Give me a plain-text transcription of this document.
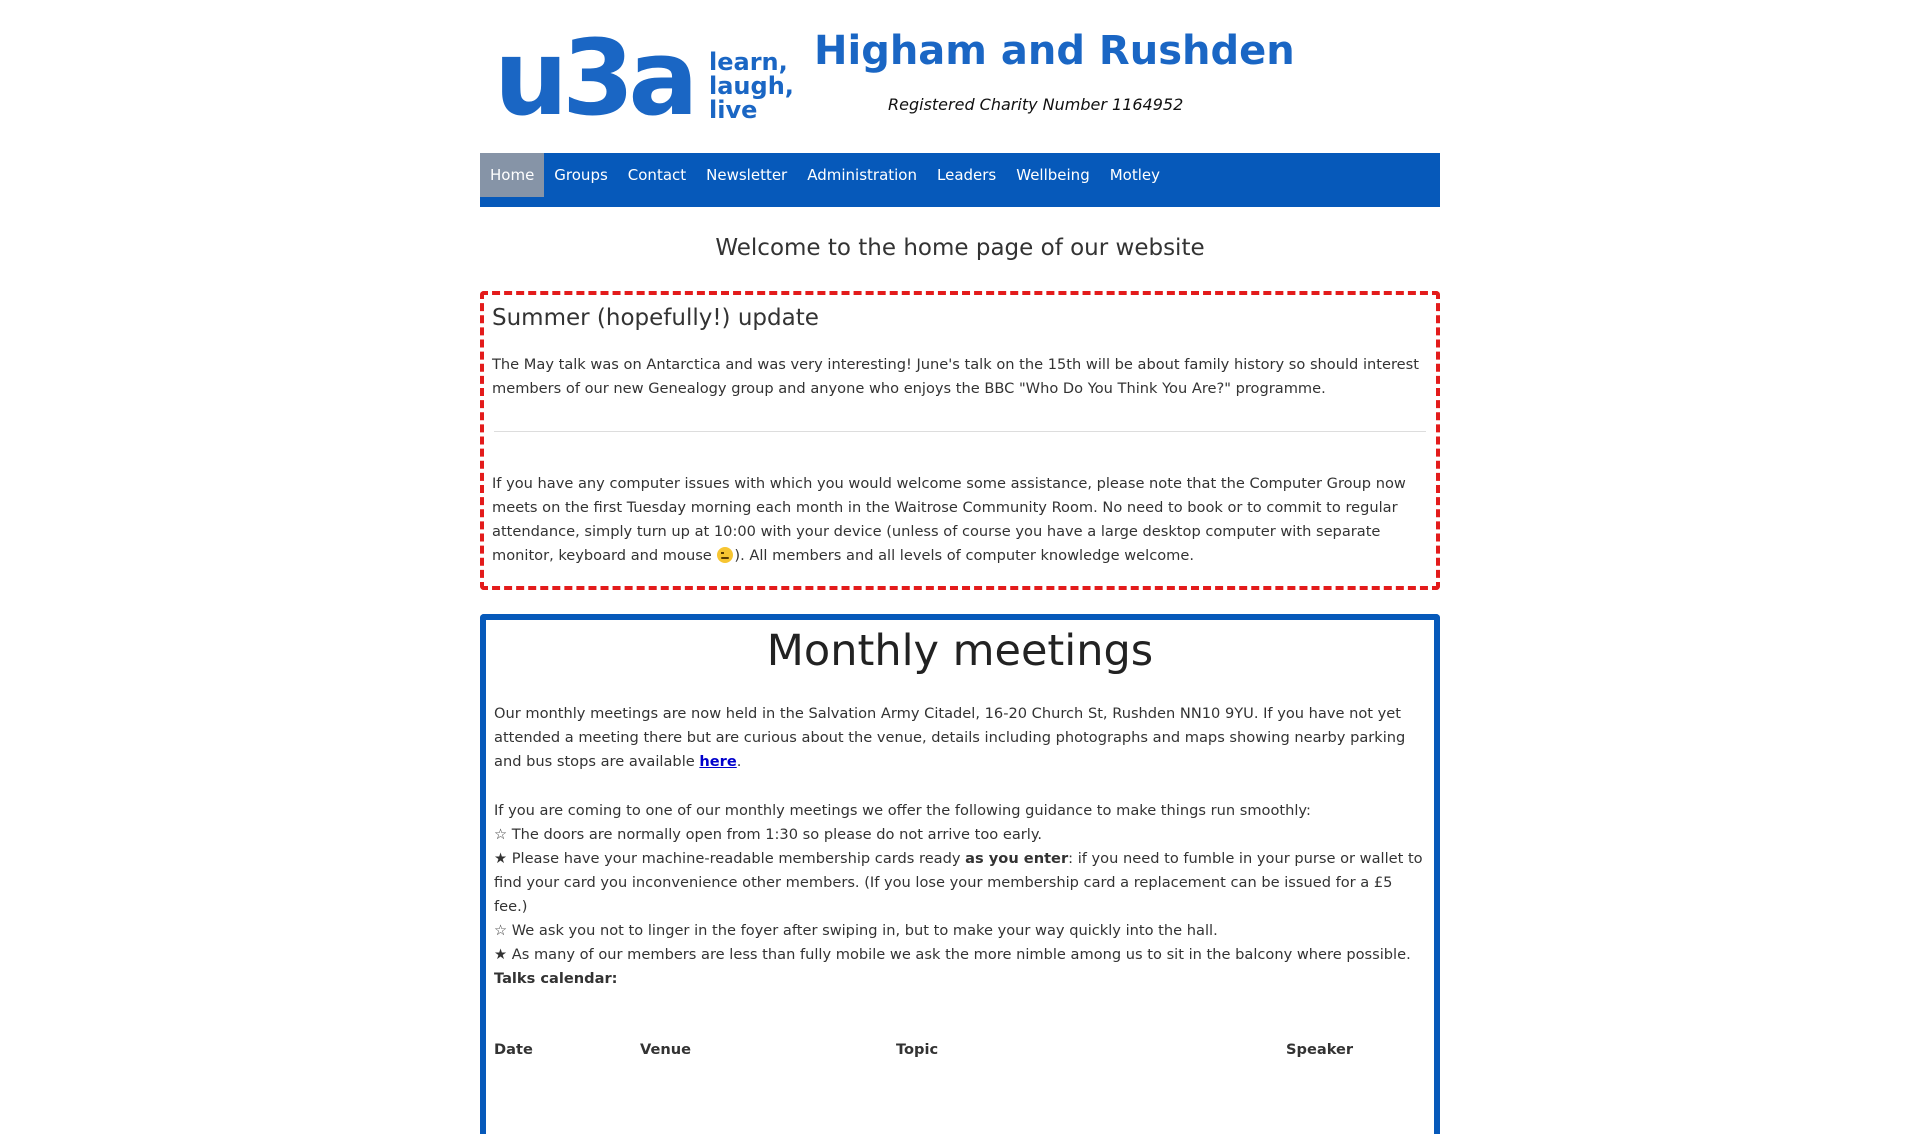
u3a learn,
laugh,
live
Higham and Rushden
Registered Charity Number 1164952
Home	Groups	Contact	Newsletter	Administration	Leaders	Wellbeing	Motley
Welcome to the home page of our website
Summer (hopefully!) update

The May talk was on Antarctica and was very interesting! June's talk on the 15th will be about family history so should interest members of our new Genealogy group and anyone who enjoys the BBC "Who Do You Think You Are?" programme.

If you have any computer issues with which you would welcome some assistance, please note that the Computer Group now meets on the first Tuesday morning each month in the Waitrose Community Room. No need to book or to commit to regular attendance, simply turn up at 10:00 with your device (unless of course you have a large desktop computer with separate monitor, keyboard and mouse ). All members and all levels of computer knowledge welcome.

Monthly meetings

Our monthly meetings are now held in the Salvation Army Citadel, 16-20 Church St, Rushden NN10 9YU. If you have not yet attended a meeting there but are curious about the venue, details including photographs and maps showing nearby parking and bus stops are available here.

If you are coming to one of our monthly meetings we offer the following guidance to make things run smoothly:

☆ The doors are normally open from 1:30 so please do not arrive too early.

★ Please have your machine-readable membership cards ready as you enter: if you need to fumble in your purse or wallet to find your card you inconvenience other members. (If you lose your membership card a replacement can be issued for a £5 fee.)

☆ We ask you not to linger in the foyer after swiping in, but to make your way quickly into the hall.

★ As many of our members are less than fully mobile we ask the more nimble among us to sit in the balcony where possible.

Talks calendar:

Date	Venue	Topic	Speaker
